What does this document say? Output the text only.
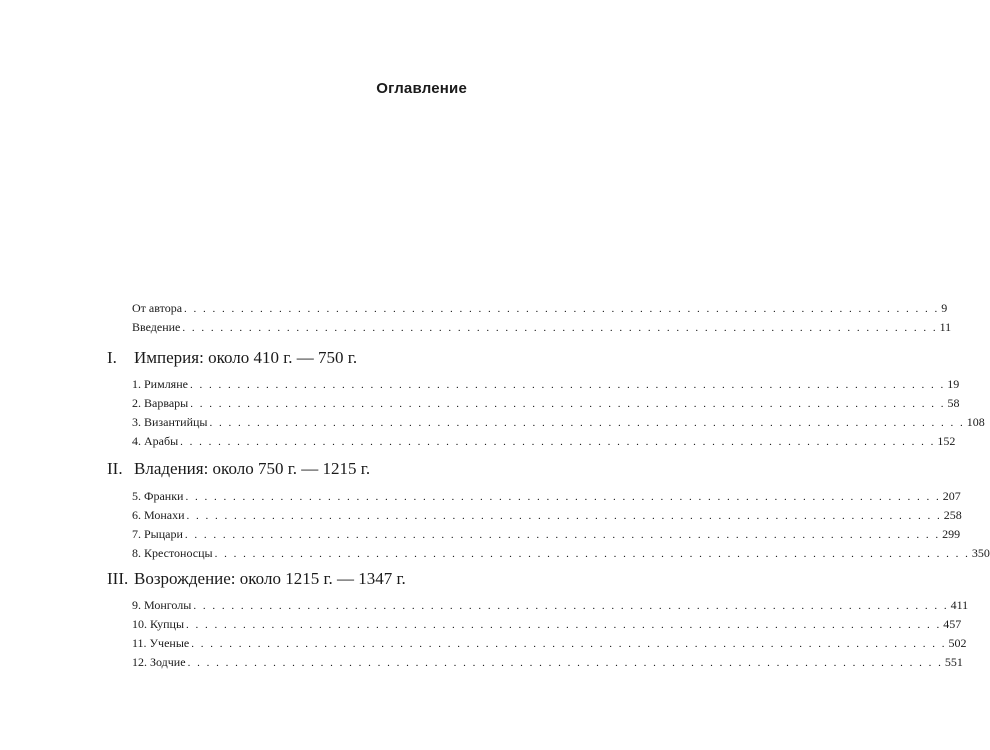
Оглавление
От автора . . . . . . . . . . . . . . . . . . . . . . . . . . . . . . . . . . . . . . . . . . . . . . . . . . . . . . . . . . . . . . . . . . . . . . . . . . . . . . . . 9
Введение . . . . . . . . . . . . . . . . . . . . . . . . . . . . . . . . . . . . . . . . . . . . . . . . . . . . . . . . . . . . . . . . . . . . . . . . . . . . . . . . 11
I.	Империя: около 410 г. — 750 г.
1. Римляне . . . . . . . . . . . . . . . . . . . . . . . . . . . . . . . . . . . . . . . . . . . . . . . . . . . . . . . . . . . . . . . . . . . . . . . . . . . . . . . . 19
2. Варвары . . . . . . . . . . . . . . . . . . . . . . . . . . . . . . . . . . . . . . . . . . . . . . . . . . . . . . . . . . . . . . . . . . . . . . . . . . . . . . . . 58
3. Византийцы . . . . . . . . . . . . . . . . . . . . . . . . . . . . . . . . . . . . . . . . . . . . . . . . . . . . . . . . . . . . . . . . . . . . . . . . . . . . . . . . 108
4. Арабы . . . . . . . . . . . . . . . . . . . . . . . . . . . . . . . . . . . . . . . . . . . . . . . . . . . . . . . . . . . . . . . . . . . . . . . . . . . . . . . . 152
II. Владения: около 750 г. — 1215 г.
5. Франки . . . . . . . . . . . . . . . . . . . . . . . . . . . . . . . . . . . . . . . . . . . . . . . . . . . . . . . . . . . . . . . . . . . . . . . . . . . . . . . . 207
6. Монахи . . . . . . . . . . . . . . . . . . . . . . . . . . . . . . . . . . . . . . . . . . . . . . . . . . . . . . . . . . . . . . . . . . . . . . . . . . . . . . . . 258
7. Рыцари . . . . . . . . . . . . . . . . . . . . . . . . . . . . . . . . . . . . . . . . . . . . . . . . . . . . . . . . . . . . . . . . . . . . . . . . . . . . . . . . 299
8. Крестоносцы . . . . . . . . . . . . . . . . . . . . . . . . . . . . . . . . . . . . . . . . . . . . . . . . . . . . . . . . . . . . . . . . . . . . . . . . . . . . . . . . 350
III. Возрождение: около 1215 г. — 1347 г.
9. Монголы . . . . . . . . . . . . . . . . . . . . . . . . . . . . . . . . . . . . . . . . . . . . . . . . . . . . . . . . . . . . . . . . . . . . . . . . . . . . . . . . 411
10. Купцы . . . . . . . . . . . . . . . . . . . . . . . . . . . . . . . . . . . . . . . . . . . . . . . . . . . . . . . . . . . . . . . . . . . . . . . . . . . . . . . . 457
11. Ученые . . . . . . . . . . . . . . . . . . . . . . . . . . . . . . . . . . . . . . . . . . . . . . . . . . . . . . . . . . . . . . . . . . . . . . . . . . . . . . . . 502
12. Зодчие . . . . . . . . . . . . . . . . . . . . . . . . . . . . . . . . . . . . . . . . . . . . . . . . . . . . . . . . . . . . . . . . . . . . . . . . . . . . . . . . 551
